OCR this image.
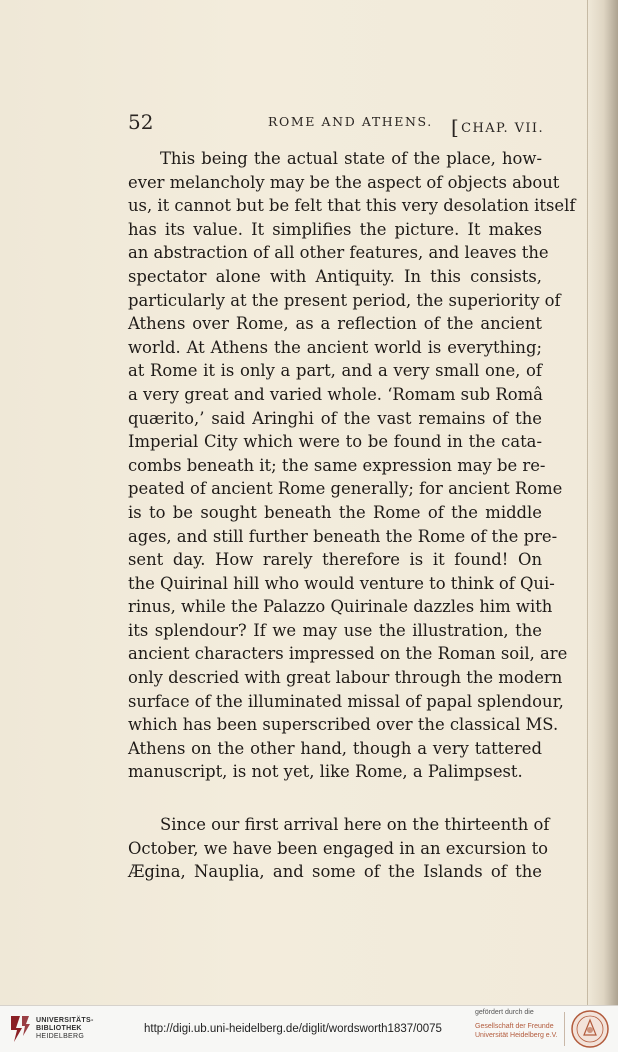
52	ROME AND ATHENS. [CHAP. VII.
This being the actual state of the place, how-
ever melancholy may be the aspect of objects about
us, it cannot but be felt that this very desolation itself
has its value. It simplifies the picture. It makes
an abstraction of all other features, and leaves the
spectator alone with Antiquity. In this consists,
particularly at the present period, the superiority of
Athens over Rome, as a reflection of the ancient
world. At Athens the ancient world is everything;
at Rome it is only a part, and a very small one, of
a very great and varied whole. ‘Romam sub Româ
quærito,’ said Aringhi of the vast remains of the
Imperial City which were to be found in the cata-
combs beneath it; the same expression may be re-
peated of ancient Rome generally; for ancient Rome
is to be sought beneath the Rome of the middle
ages, and still further beneath the Rome of the pre-
sent day. How rarely therefore is it found! On
the Quirinal hill who would venture to think of Qui-
rinus, while the Palazzo Quirinale dazzles him with
its splendour? If we may use the illustration, the
ancient characters impressed on the Roman soil, are
only descried with great labour through the modern
surface of the illuminated missal of papal splendour,
which has been superscribed over the classical MS.
Athens on the other hand, though a very tattered
manuscript, is not yet, like Rome, a Palimpsest.
Since our first arrival here on the thirteenth of
October, we have been engaged in an excursion to
Ægina, Nauplia, and some of the Islands of the
UNIVERSITÄTS-
BIBLIOTHEK
HEIDELBERG
http://digi.ub.uni-heidelberg.de/diglit/wordsworth1837/0075
gefördert durch die
Gesellschaft der Freunde
Universität Heidelberg e.V.
